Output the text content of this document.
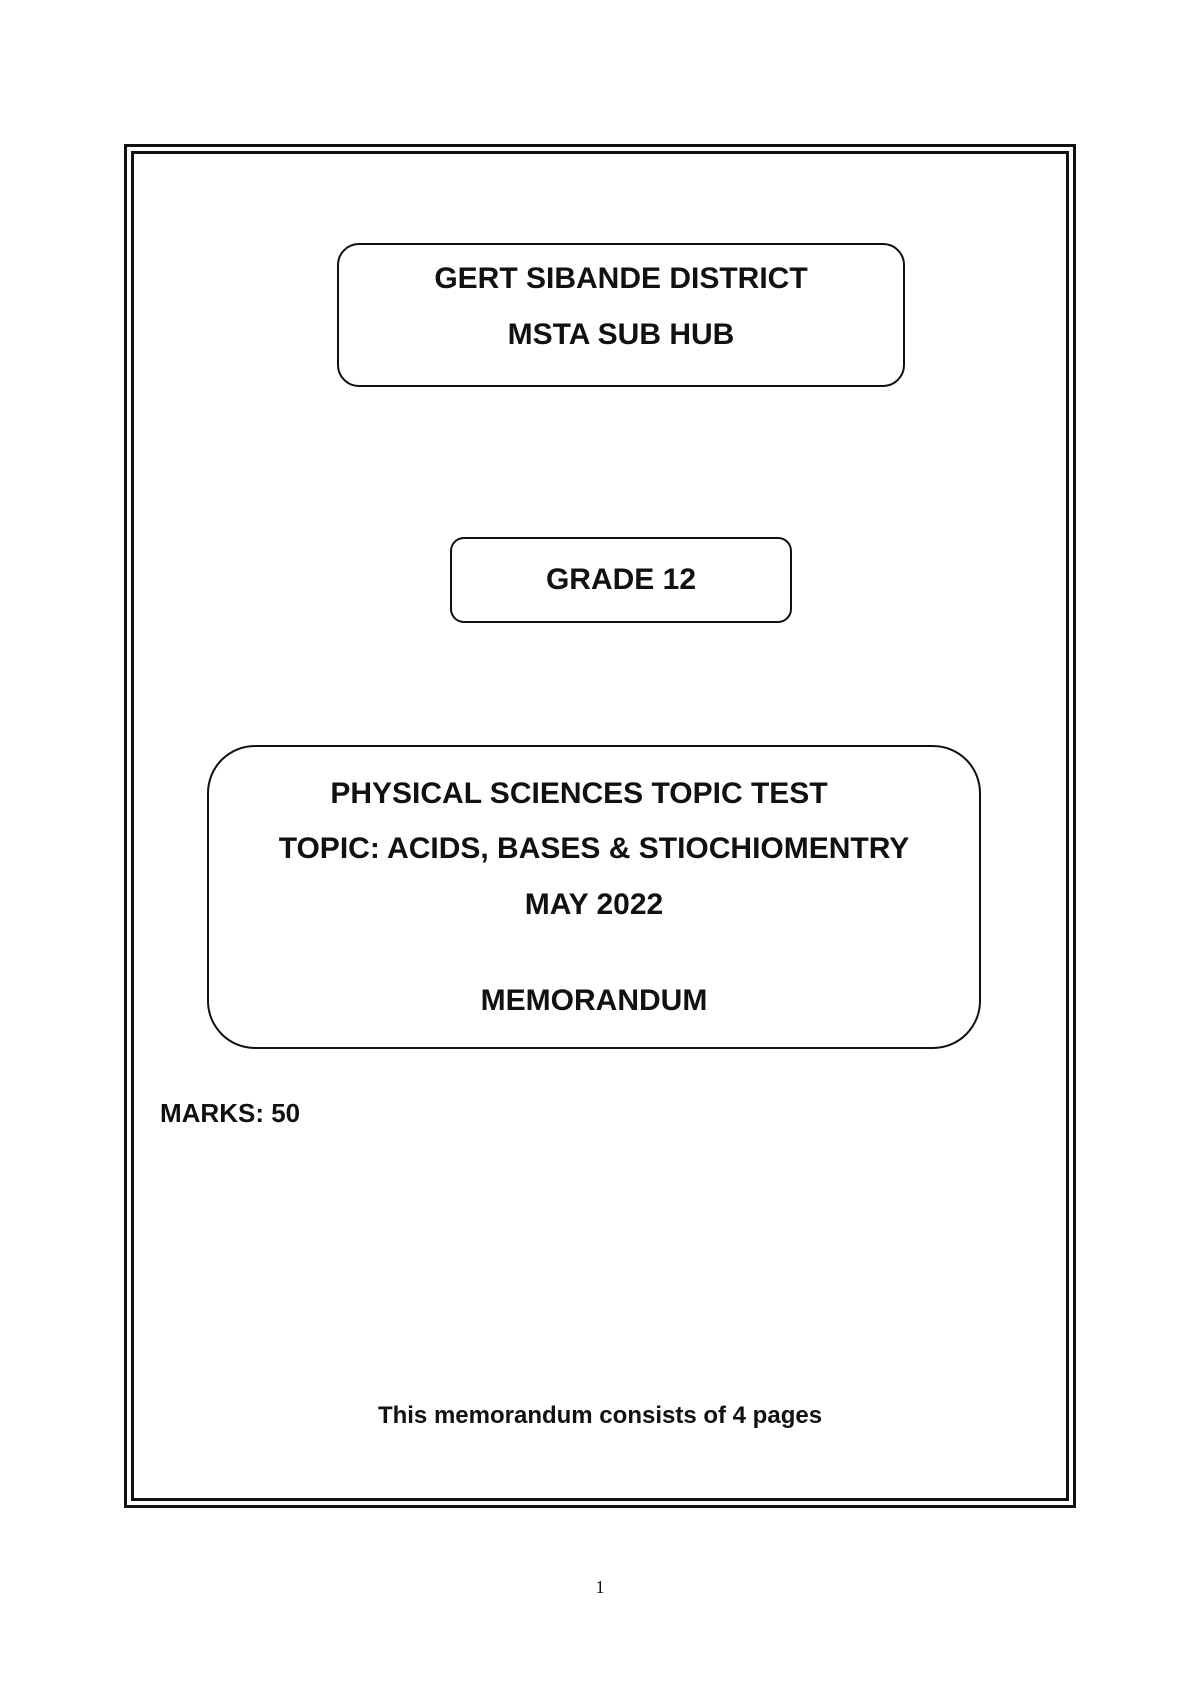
GERT SIBANDE DISTRICT
MSTA SUB HUB
GRADE 12
PHYSICAL SCIENCES TOPIC TEST
TOPIC: ACIDS, BASES & STIOCHIOMENTRY
MAY 2022
MEMORANDUM
MARKS: 50
This memorandum consists of 4 pages
1
